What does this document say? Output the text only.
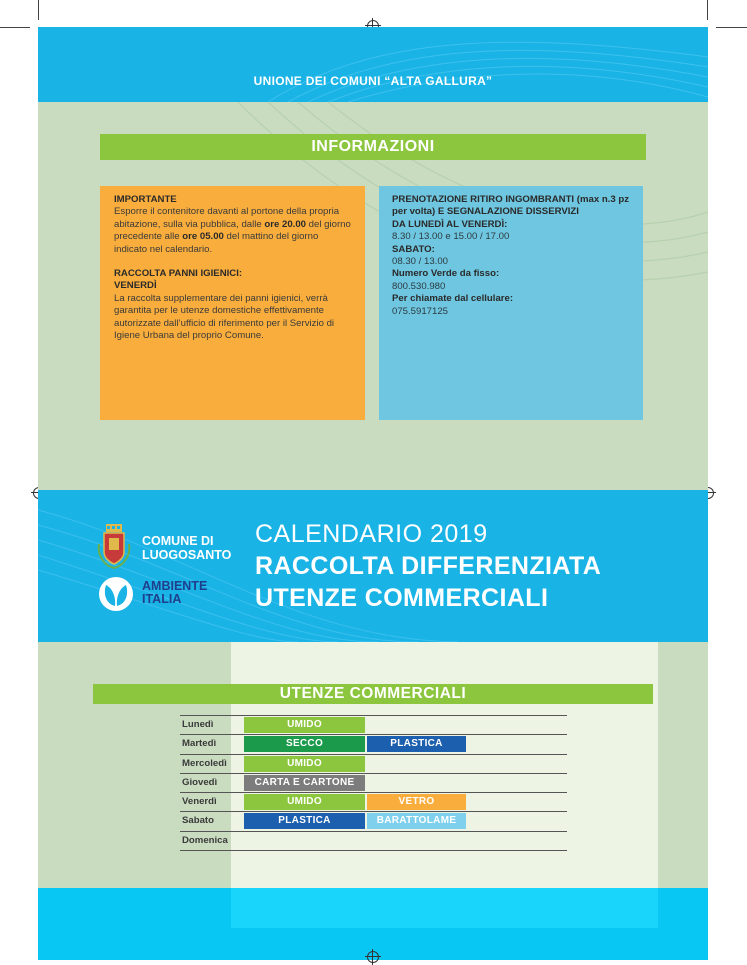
UNIONE DEI COMUNI “ALTA GALLURA”
INFORMAZIONI
IMPORTANTE
Esporre il contenitore davanti al portone della propria abitazione, sulla via pubblica, dalle ore 20.00 del giorno precedente alle ore 05.00 del mattino del giorno indicato nel calendario.
RACCOLTA PANNI IGIENICI:
VENERDÌ
La raccolta supplementare dei panni igienici, verrà garantita per le utenze domestiche effettivamente autorizzate dall’ufficio di riferimento per il Servizio di Igiene Urbana del proprio Comune.
PRENOTAZIONE RITIRO INGOMBRANTI (max n.3 pz per volta) E SEGNALAZIONE DISSERVIZI
DA LUNEDÌ AL VENERDÌ:
8.30 / 13.00 e 15.00 / 17.00
SABATO:
08.30 / 13.00
Numero Verde da fisso:
800.530.980
Per chiamate dal cellulare:
075.5917125
COMUNE DI
LUOGOSANTO
AMBIENTE
ITALIA
CALENDARIO 2019
RACCOLTA DIFFERENZIATA
UTENZE COMMERCIALI
UTENZE COMMERCIALI
Lunedì	UMIDO
Martedì	SECCO	PLASTICA
Mercoledì	UMIDO
Giovedì	CARTA E CARTONE
Venerdì	UMIDO	VETRO
Sabato	PLASTICA	BARATTOLAME
Domenica
